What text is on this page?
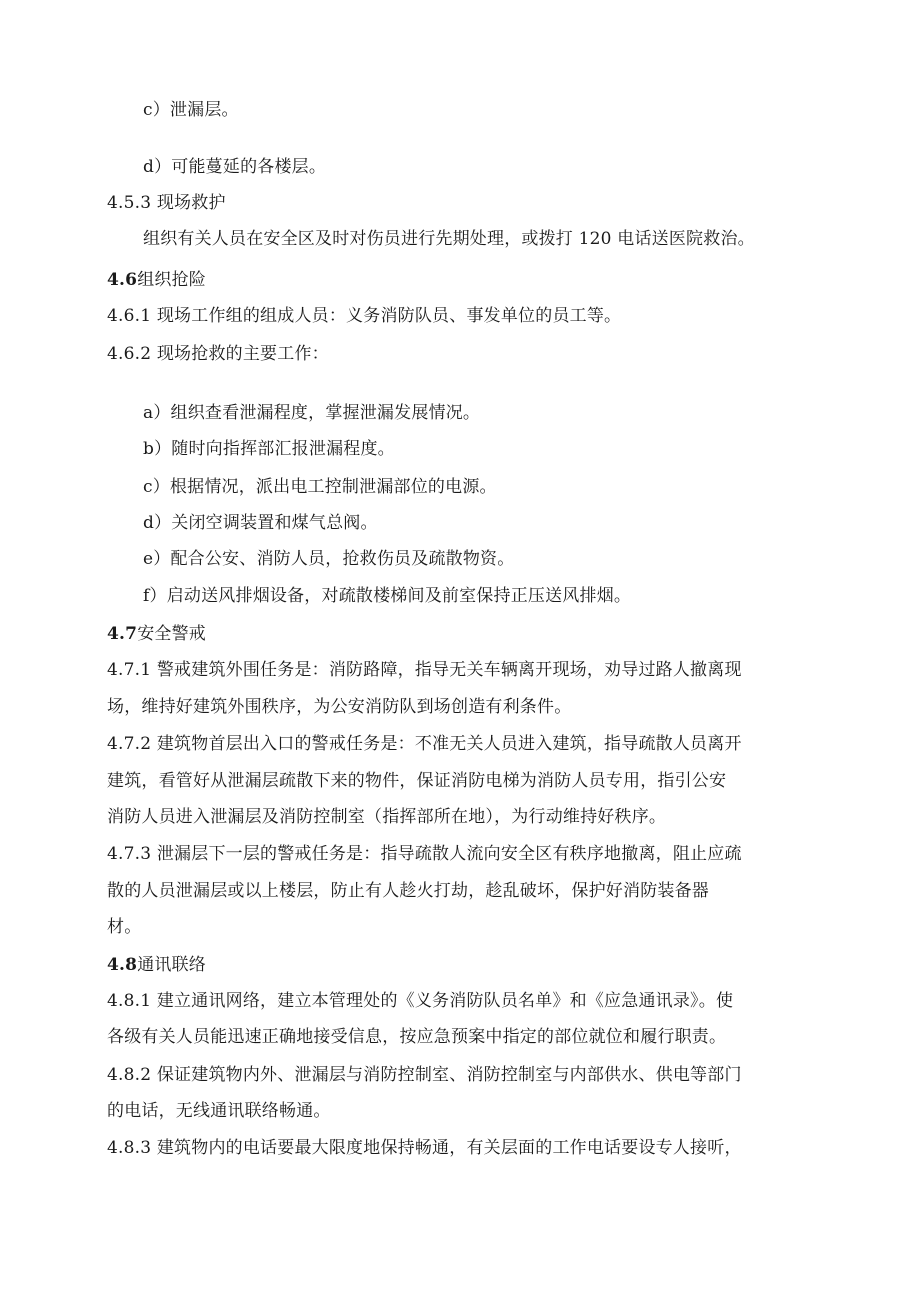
c）泄漏层。
d）可能蔓延的各楼层。
4.5.3 现场救护
组织有关人员在安全区及时对伤员进行先期处理，或拨打 120 电话送医院救治。
4.6组织抢险
4.6.1 现场工作组的组成人员：义务消防队员、事发单位的员工等。
4.6.2 现场抢救的主要工作：
a）组织查看泄漏程度，掌握泄漏发展情况。
b）随时向指挥部汇报泄漏程度。
c）根据情况，派出电工控制泄漏部位的电源。
d）关闭空调装置和煤气总阀。
e）配合公安、消防人员，抢救伤员及疏散物资。
f）启动送风排烟设备，对疏散楼梯间及前室保持正压送风排烟。
4.7安全警戒
4.7.1 警戒建筑外围任务是：消防路障，指导无关车辆离开现场，劝导过路人撤离现
场，维持好建筑外围秩序，为公安消防队到场创造有利条件。
4.7.2 建筑物首层出入口的警戒任务是：不准无关人员进入建筑，指导疏散人员离开
建筑，看管好从泄漏层疏散下来的物件，保证消防电梯为消防人员专用，指引公安
消防人员进入泄漏层及消防控制室（指挥部所在地），为行动维持好秩序。
4.7.3 泄漏层下一层的警戒任务是：指导疏散人流向安全区有秩序地撤离，阻止应疏
散的人员泄漏层或以上楼层，防止有人趁火打劫，趁乱破坏，保护好消防装备器
材。
4.8通讯联络
4.8.1 建立通讯网络，建立本管理处的《义务消防队员名单》和《应急通讯录》。使
各级有关人员能迅速正确地接受信息，按应急预案中指定的部位就位和履行职责。
4.8.2 保证建筑物内外、泄漏层与消防控制室、消防控制室与内部供水、供电等部门
的电话，无线通讯联络畅通。
4.8.3 建筑物内的电话要最大限度地保持畅通，有关层面的工作电话要设专人接听，
